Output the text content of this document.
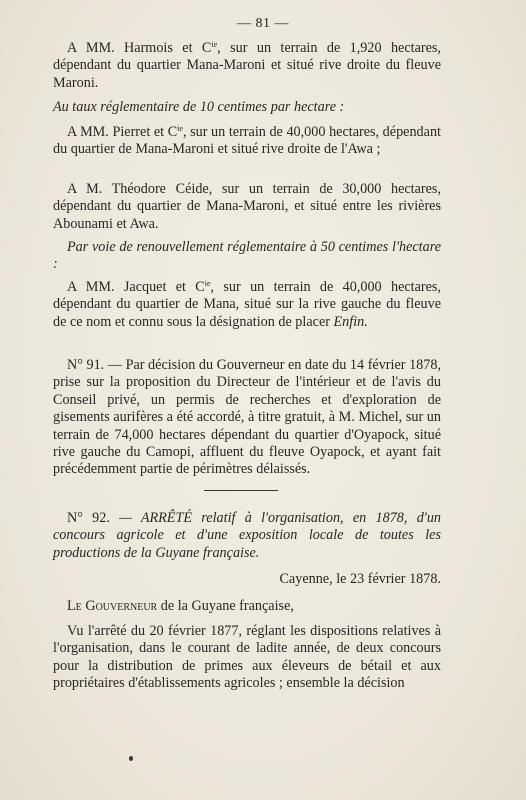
— 81 —

A MM. Harmois et $C^{ie}$, sur un terrain de 1,920 hectares, dépendant du quartier Mana-Maroni et situé rive droite du fleuve Maroni.

Au taux réglementaire de 10 centimes par hectare :

A MM. Pierret et $C^{ie}$, sur un terrain de 40,000 hectares, dépendant du quartier de Mana-Maroni et situé rive droite de l'Awa ;

A M. Théodore Céide, sur un terrain de 30,000 hectares, dépendant du quartier de Mana-Maroni, et situé entre les rivières Abounami et Awa.

Par voie de renouvellement réglementaire à 50 centimes l'hectare :

A MM. Jacquet et $C^{ie}$, sur un terrain de 40,000 hectares, dépendant du quartier de Mana, situé sur la rive gauche du fleuve de ce nom et connu sous la désignation de placer Enfin.

N° 91. — Par décision du Gouverneur en date du 14 février 1878, prise sur la proposition du Directeur de l'intérieur et de l'avis du Conseil privé, un permis de recherches et d'exploration de gisements aurifères a été accordé, à titre gratuit, à M. Michel, sur un terrain de 74,000 hectares dépendant du quartier d'Oyapock, situé rive gauche du Camopi, affluent du fleuve Oyapock, et ayant fait précédemment partie de périmètres délaissés.

N° 92. — ARRÊTÉ relatif à l'organisation, en 1878, d'un concours agricole et d'une exposition locale de toutes les productions de la Guyane française.

Cayenne, le 23 février 1878.

Le Gouverneur de la Guyane française,

Vu l'arrêté du 20 février 1877, réglant les dispositions relatives à l'organisation, dans le courant de ladite année, de deux concours pour la distribution de primes aux éleveurs de bétail et aux propriétaires d'établissements agricoles ; ensemble la décision
